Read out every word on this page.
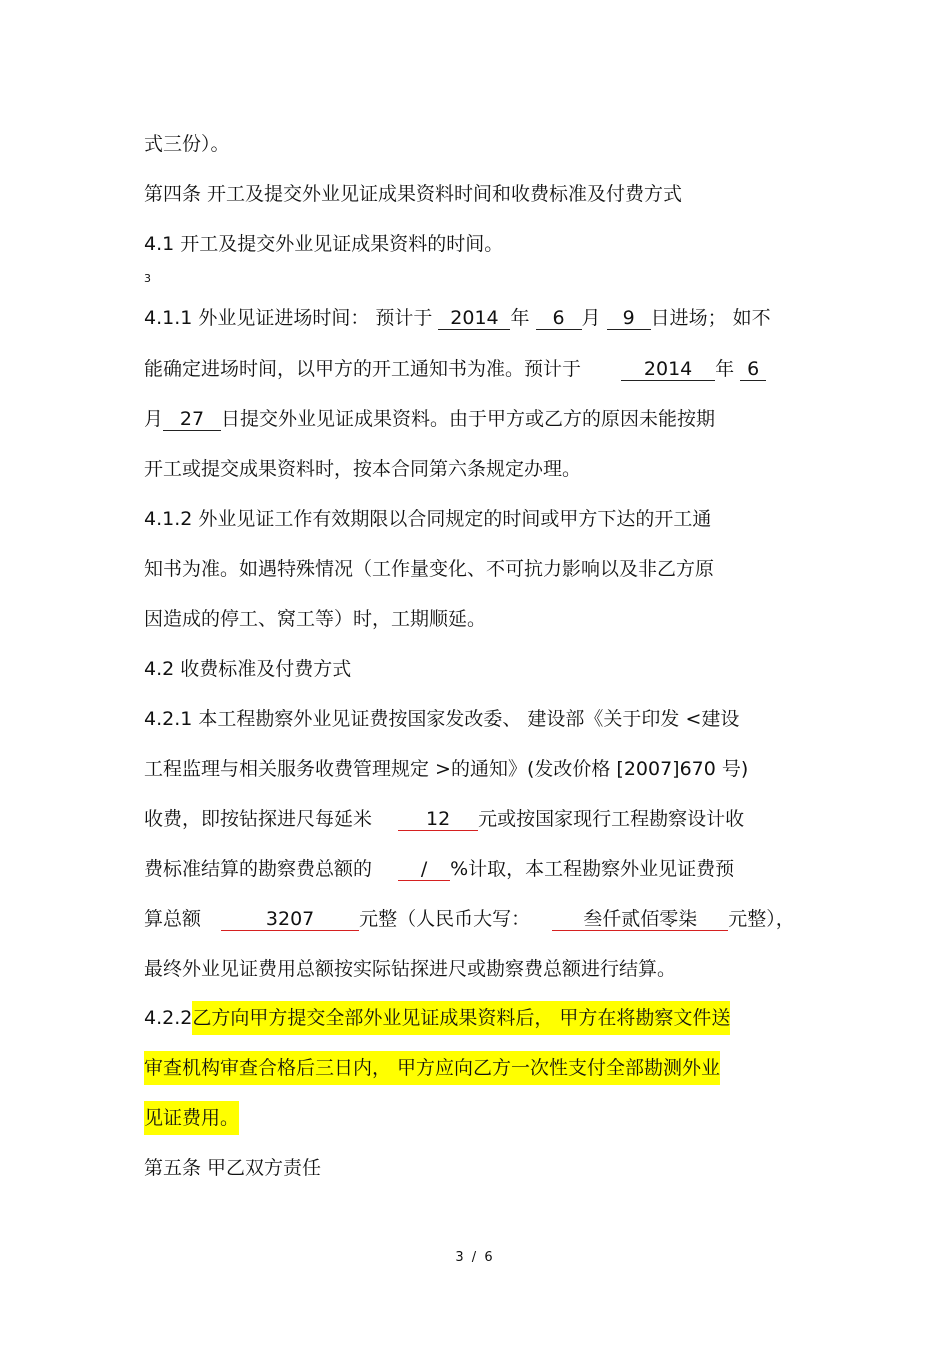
式三份）。
第四条 开工及提交外业见证成果资料时间和收费标准及付费方式
4.1 开工及提交外业见证成果资料的时间。
3
4.1.1 外业见证进场时间： 预计于 2014 年 6 月 9 日进场； 如不
能确定进场时间，以甲方的开工通知书为准。预计于	2014 年 6
月 27 日提交外业见证成果资料。由于甲方或乙方的原因未能按期
开工或提交成果资料时，按本合同第六条规定办理。
4.1.2 外业见证工作有效期限以合同规定的时间或甲方下达的开工通
知书为准。如遇特殊情况（工作量变化、不可抗力影响以及非乙方原
因造成的停工、窝工等）时，工期顺延。
4.2 收费标准及付费方式
4.2.1 本工程勘察外业见证费按国家发改委、 建设部《关于印发 <建设
工程监理与相关服务收费管理规定 >的通知》(发改价格 [2007]670 号)
收费，即按钻探进尺每延米	12 元或按国家现行工程勘察设计收
费标准结算的勘察费总额的	/ %计取，本工程勘察外业见证费预
算总额	3207 元整（人民币大写：	叁仟贰佰零柒 元整），
最终外业见证费用总额按实际钻探进尺或勘察费总额进行结算。
4.2.2乙方向甲方提交全部外业见证成果资料后， 甲方在将勘察文件送
审查机构审查合格后三日内， 甲方应向乙方一次性支付全部勘测外业
见证费用。
第五条 甲乙双方责任
3 / 6
